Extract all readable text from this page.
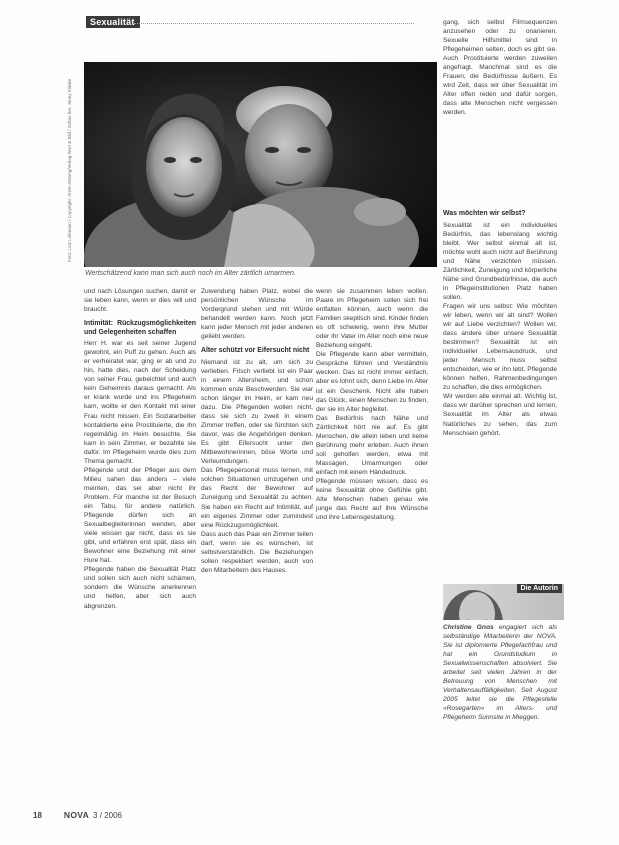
Sexualität
Foto: Lutz Leitmann / Copyright: Ärzte-Zeitung/Verlag Wort & Bild / Schau her, Jenny Klimke
Wertschätzend kann man sich auch noch im Alter zärtlich umarmen.

und nach Lösungen suchen, damit er sie leben kann, wenn er dies will und braucht.

Intimität: Rückzugsmöglichkeiten und Gelegenheiten schaffen

Herr H. war es seit seiner Jugend gewohnt, ein Puff zu gehen. Auch als er verheiratet war, ging er ab und zu hin, hatte dies, nach der Scheidung von seiner Frau, gebeichtet und auch kein Geheimnis daraus gemacht. Als er krank wurde und ins Pflegeheim kam, wollte er den Kontakt mit einer Frau nicht missen. Ein Sozialarbeiter kontaktierte eine Prostituierte, die ihn regelmäßig im Heim besuchte. Sie kam in sein Zimmer, er bezahlte sie dafür. Im Pflegeheim wurde dies zum Thema gemacht.

Pflegende und der Pfleger aus dem Milieu sahen das anders – viele meinten, das sei aber nicht ihr Problem. Für manche ist der Besuch ein Tabu, für andere natürlich. Pflegende dürfen sich an Sexualbegleiterinnen wenden, aber viele wissen gar nicht, dass es sie gibt, und erfahren erst spät, dass ein Bewohner eine Beziehung mit einer Hure hat.

Pflegende haben die Sexualität Platz und sollen sich auch nicht schämen, sondern die Wünsche anerkennen und helfen, aber sich auch abgrenzen.

Zuwendung haben Platz, wobei die persönlichen Wünsche im Vordergrund stehen und mit Würde behandelt werden kann. Noch jetzt kann jeder Mensch mit jeder anderen geliebt werden.

Alter schützt vor Eifersucht nicht

Niemand ist zu alt, um sich zu verlieben. Frisch verliebt ist ein Paar in einem Altersheim, und schon kommen erste Beschwerden. Sie war schon länger im Heim, er kam neu dazu. Die Pflegenden wollen nicht, dass sie sich zu zweit in einem Zimmer treffen, oder sie fürchten sich davor, was die Angehörigen denken. Es gibt Eifersucht unter den Mitbewohnerinnen, böse Worte und Verleumdungen.

Das Pflegepersonal muss lernen, mit solchen Situationen umzugehen und das Recht der Bewohner auf Zuneigung und Sexualität zu achten. Sie haben ein Recht auf Intimität, auf ein eigenes Zimmer oder zumindest eine Rückzugsmöglichkeit.

Dass auch das Paar ein Zimmer teilen darf, wenn sie es wünschen, ist selbstverständlich. Die Beziehungen sollen respektiert werden, auch von den Mitarbeitern des Hauses.

wenn sie zusammen leben wollen. Paare im Pflegeheim sollen sich frei entfalten können, auch wenn die Familien skeptisch sind. Kinder finden es oft schwierig, wenn ihre Mutter oder ihr Vater im Alter noch eine neue Beziehung eingeht.

Die Pflegende kann aber vermitteln, Gespräche führen und Verständnis wecken. Das ist nicht immer einfach, aber es lohnt sich, denn Liebe im Alter ist ein Geschenk. Nicht alle haben das Glück, einen Menschen zu finden, der sie im Alter begleitet.

Das Bedürfnis nach Nähe und Zärtlichkeit hört nie auf. Es gibt Menschen, die allein leben und keine Berührung mehr erleben. Auch ihnen soll geholfen werden, etwa mit Massagen, Umarmungen oder einfach mit einem Händedruck.

Pflegende müssen wissen, dass es keine Sexualität ohne Gefühle gibt. Alte Menschen haben genau wie junge das Recht auf ihre Wünsche und ihre Lebensgestaltung.

gang, sich selbst Filmsequenzen anzusehen oder zu onanieren. Sexuelle Hilfsmittel sind in Pflegeheimen selten, doch es gibt sie. Auch Prostituierte werden zuweilen angefragt. Manchmal sind es die Frauen, die Bedürfnisse äußern. Es wird Zeit, dass wir über Sexualität im Alter offen reden und dafür sorgen, dass alte Menschen nicht vergessen werden.

Was möchten wir selbst?

Sexualität ist ein individuelles Bedürfnis, das lebenslang wichtig bleibt. Wer selbst einmal alt ist, möchte wohl auch nicht auf Berührung und Nähe verzichten müssen. Zärtlichkeit, Zuneigung und körperliche Nähe sind Grundbedürfnisse, die auch in Pflegeinstitutionen Platz haben sollen.

Fragen wir uns selbst: Wie möchten wir leben, wenn wir alt sind? Wollen wir auf Liebe verzichten? Wollen wir, dass andere über unsere Sexualität bestimmen? Sexualität ist ein individueller Lebensausdruck, und jeder Mensch muss selbst entscheiden, wie er ihn lebt. Pflegende können helfen, Rahmenbedingungen zu schaffen, die dies ermöglichen.

Wir werden alle einmal alt. Wichtig ist, dass wir darüber sprechen und lernen, Sexualität im Alter als etwas Natürliches zu sehen, das zum Menschsein gehört.

Die Autorin

Christine Gnos engagiert sich als selbständige Mitarbeiterin der NOVA. Sie ist diplomierte Pflegefachfrau und hat ein Grundstudium in Sexualwissenschaften absolviert. Sie arbeitet seit vielen Jahren in der Betreuung von Menschen mit Verhaltensauffälligkeiten. Seit August 2005 leitet sie die Pflegestelle «Rosegarten» im Alters- und Pflegeheim Sunnsite in Mieggen.

18	NOVA 3 / 2006
